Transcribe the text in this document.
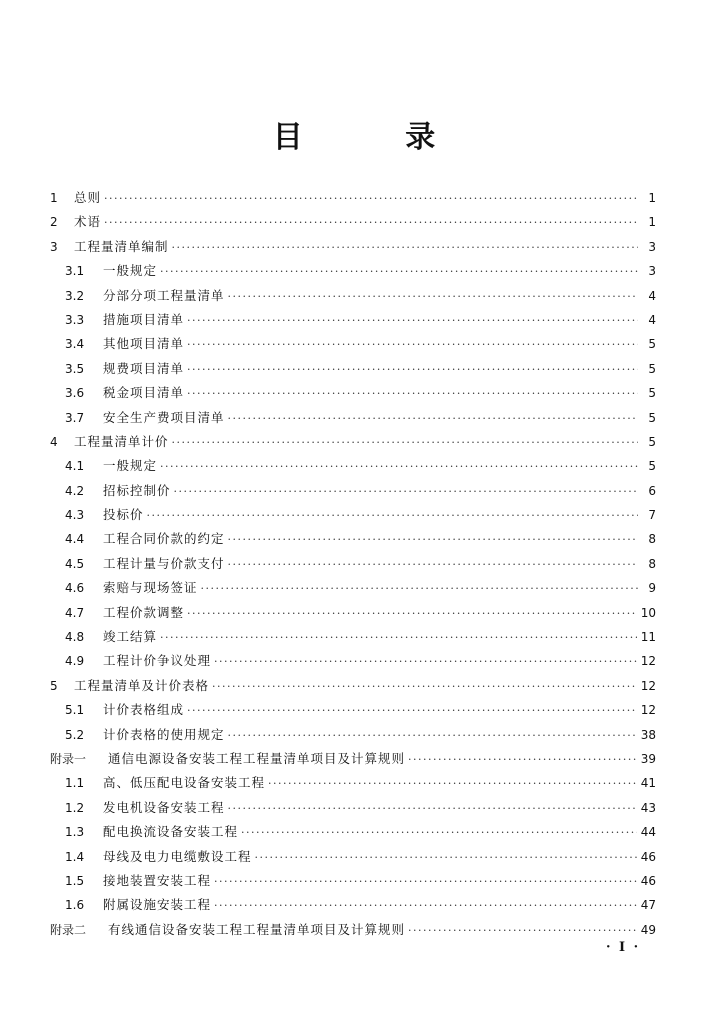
目 录
1	总则 ·····	1
2	术语 ·····	1
3	工程量清单编制 ·····	3
3.1	一般规定 ·····	3
3.2	分部分项工程量清单 ·····	4
3.3	措施项目清单 ·····	4
3.4	其他项目清单 ·····	5
3.5	规费项目清单 ·····	5
3.6	税金项目清单 ·····	5
3.7	安全生产费项目清单 ·····	5
4	工程量清单计价 ·····	5
4.1	一般规定 ·····	5
4.2	招标控制价 ·····	6
4.3	投标价 ·····	7
4.4	工程合同价款的约定 ·····	8
4.5	工程计量与价款支付 ·····	8
4.6	索赔与现场签证 ·····	9
4.7	工程价款调整 ·····	10
4.8	竣工结算 ·····	11
4.9	工程计价争议处理 ·····	12
5	工程量清单及计价表格 ·····	12
5.1	计价表格组成 ·····	12
5.2	计价表格的使用规定 ·····	38
附录一	通信电源设备安装工程工程量清单项目及计算规则 ·····	39
1.1	高、低压配电设备安装工程 ·····	41
1.2	发电机设备安装工程 ·····	43
1.3	配电换流设备安装工程 ·····	44
1.4	母线及电力电缆敷设工程 ·····	46
1.5	接地装置安装工程 ·····	46
1.6	附属设施安装工程 ·····	47
附录二	有线通信设备安装工程工程量清单项目及计算规则 ·····	49
· I ·
